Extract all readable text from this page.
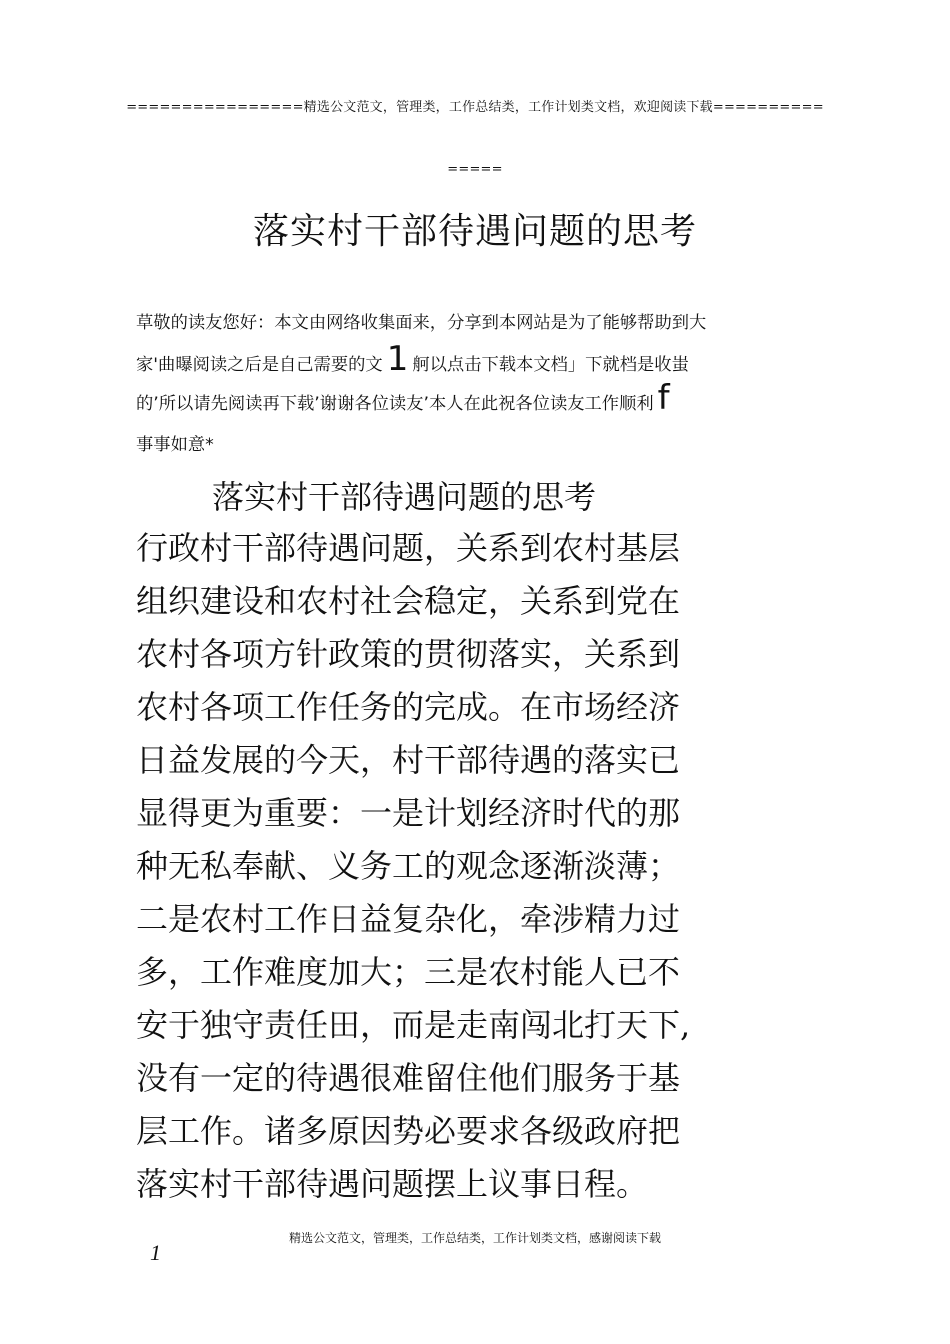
================精选公文范文，管理类，工作总结类，工作计划类文档，欢迎阅读下载==========
=====
落实村干部待遇问题的思考
草敬的读友您好：本文由网络收集面来，分享到本网站是为了能够帮助到大
家'曲曝阅读之后是自己需要的文 1 舸以点击下载本文档」下就档是收蚩
的’所以请先阅读再下载’谢谢各位读友’本人在此祝各位读友工作顺利 f
事事如意*
落实村干部待遇问题的思考
行政村干部待遇问题，关系到农村基层
组织建设和农村社会稳定，关系到党在
农村各项方针政策的贯彻落实，关系到
农村各项工作任务的完成。在市场经济
日益发展的今天，村干部待遇的落实已
显得更为重要：一是计划经济时代的那
种无私奉献、义务工的观念逐渐淡薄；
二是农村工作日益复杂化，牵涉精力过
多，工作难度加大；三是农村能人已不
安于独守责任田，而是走南闯北打天下,
没有一定的待遇很难留住他们服务于基
层工作。诸多原因势必要求各级政府把
落实村干部待遇问题摆上议事日程。
精选公文范文，管理类，工作总结类，工作计划类文档，感谢阅读下载
1
